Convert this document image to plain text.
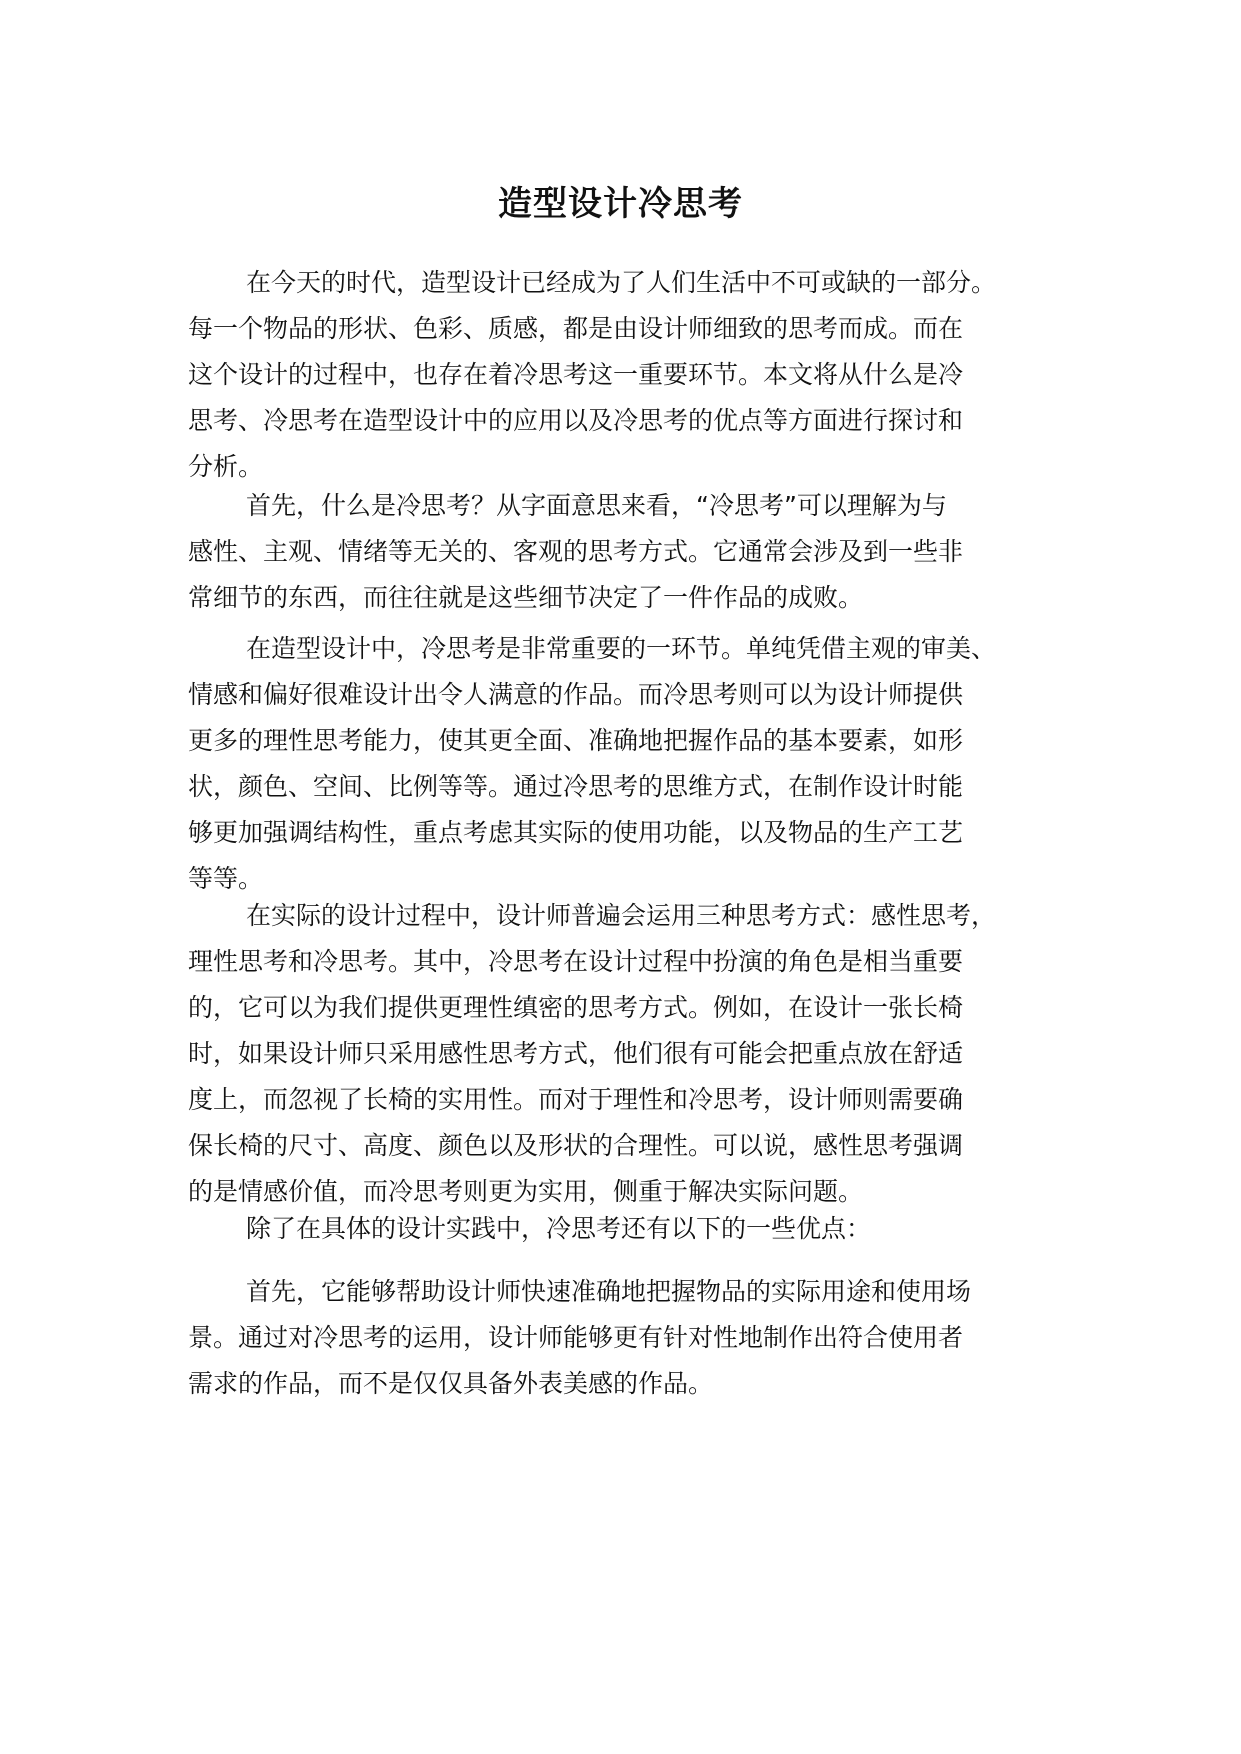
造型设计冷思考

在今天的时代，造型设计已经成为了人们生活中不可或缺的一部分。
每一个物品的形状、色彩、质感，都是由设计师细致的思考而成。而在
这个设计的过程中，也存在着冷思考这一重要环节。本文将从什么是冷
思考、冷思考在造型设计中的应用以及冷思考的优点等方面进行探讨和
分析。

首先，什么是冷思考？从字面意思来看，“冷思考”可以理解为与
感性、主观、情绪等无关的、客观的思考方式。它通常会涉及到一些非
常细节的东西，而往往就是这些细节决定了一件作品的成败。

在造型设计中，冷思考是非常重要的一环节。单纯凭借主观的审美、
情感和偏好很难设计出令人满意的作品。而冷思考则可以为设计师提供
更多的理性思考能力，使其更全面、准确地把握作品的基本要素，如形
状，颜色、空间、比例等等。通过冷思考的思维方式，在制作设计时能
够更加强调结构性，重点考虑其实际的使用功能，以及物品的生产工艺
等等。

在实际的设计过程中，设计师普遍会运用三种思考方式：感性思考，
理性思考和冷思考。其中，冷思考在设计过程中扮演的角色是相当重要
的，它可以为我们提供更理性缜密的思考方式。例如，在设计一张长椅
时，如果设计师只采用感性思考方式，他们很有可能会把重点放在舒适
度上，而忽视了长椅的实用性。而对于理性和冷思考，设计师则需要确
保长椅的尺寸、高度、颜色以及形状的合理性。可以说，感性思考强调
的是情感价值，而冷思考则更为实用，侧重于解决实际问题。

除了在具体的设计实践中，冷思考还有以下的一些优点：

首先，它能够帮助设计师快速准确地把握物品的实际用途和使用场
景。通过对冷思考的运用，设计师能够更有针对性地制作出符合使用者
需求的作品，而不是仅仅具备外表美感的作品。
